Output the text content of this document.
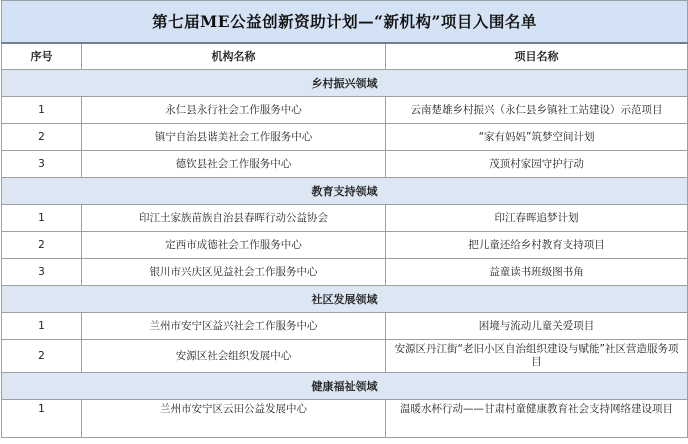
第七届ME公益创新资助计划—“新机构”项目入围名单		
序号	机构名称	项目名称
乡村振兴领域		
1	永仁县永行社会工作服务中心	云南楚雄乡村振兴（永仁县乡镇社工站建设）示范项目
2	镇宁自治县谐美社会工作服务中心	“家有妈妈”筑梦空间计划
3	德钦县社会工作服务中心	茂顶村家园守护行动
教育支持领域		
1	印江土家族苗族自治县春晖行动公益协会	印江春晖追梦计划
2	定西市成德社会工作服务中心	把儿童还给乡村教育支持项目
3	银川市兴庆区见益社会工作服务中心	益童读书班级图书角
社区发展领域		
1	兰州市安宁区益兴社会工作服务中心	困境与流动儿童关爱项目
2	安源区社会组织发展中心	安源区丹江街“老旧小区自治组织建设与赋能”社区营造服务项目
健康福祉领域		
1	兰州市安宁区云田公益发展中心	温暖水杯行动——甘肃村童健康教育社会支持网络建设项目
